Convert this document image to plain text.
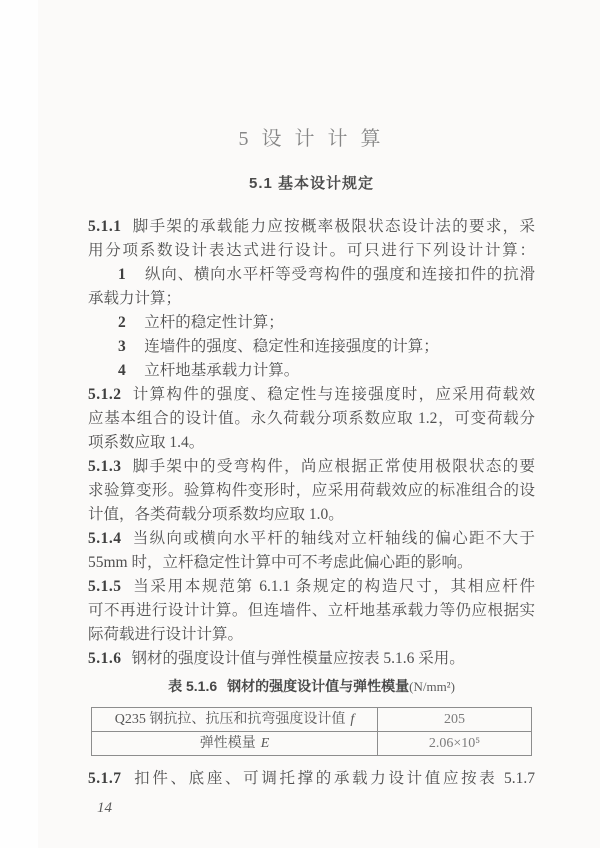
5 设 计 计 算
5.1 基本设计规定
5.1.1 脚手架的承载能力应按概率极限状态设计法的要求，采
用分项系数设计表达式进行设计。可只进行下列设计计算：
1 纵向、横向水平杆等受弯构件的强度和连接扣件的抗滑
承载力计算；
2 立杆的稳定性计算；
3 连墙件的强度、稳定性和连接强度的计算；
4 立杆地基承载力计算。
5.1.2 计算构件的强度、稳定性与连接强度时，应采用荷载效
应基本组合的设计值。永久荷载分项系数应取 1.2，可变荷载分
项系数应取 1.4。
5.1.3 脚手架中的受弯构件，尚应根据正常使用极限状态的要
求验算变形。验算构件变形时，应采用荷载效应的标准组合的设
计值，各类荷载分项系数均应取 1.0。
5.1.4 当纵向或横向水平杆的轴线对立杆轴线的偏心距不大于
55mm 时，立杆稳定性计算中可不考虑此偏心距的影响。
5.1.5 当采用本规范第 6.1.1 条规定的构造尺寸，其相应杆件
可不再进行设计计算。但连墙件、立杆地基承载力等仍应根据实
际荷载进行设计计算。
5.1.6 钢材的强度设计值与弹性模量应按表 5.1.6 采用。
表 5.1.6 钢材的强度设计值与弹性模量(N/mm²)
Q235 钢抗拉、抗压和抗弯强度设计值 f	205
弹性模量 E	2.06×10⁵
5.1.7 扣件、底座、可调托撑的承载力设计值应按表 5.1.7
14
